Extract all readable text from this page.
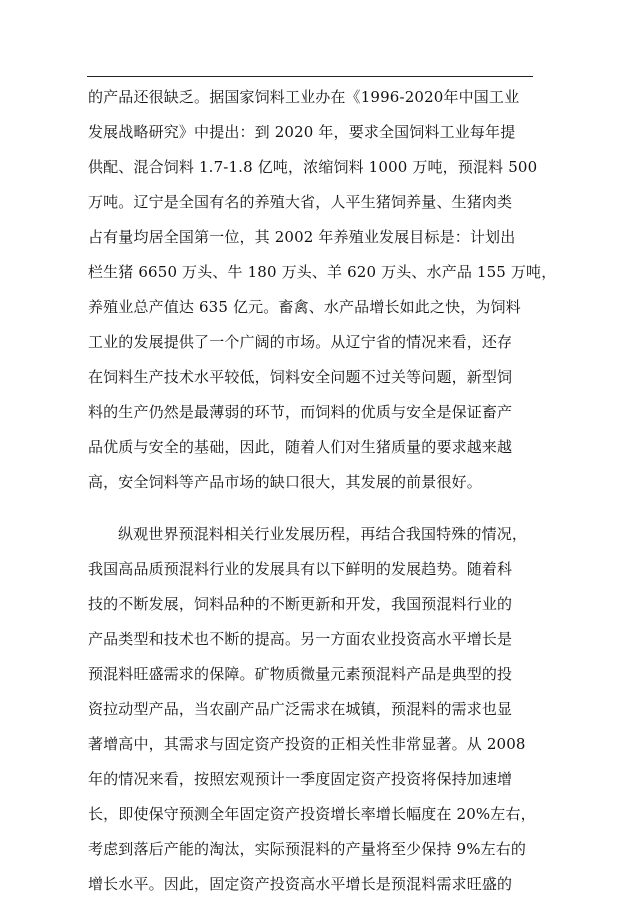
的产品还很缺乏。据国家饲料工业办在《1996-2020年中国工业
发展战略研究》中提出：到 2020 年，要求全国饲料工业每年提
供配、混合饲料 1.7-1.8 亿吨，浓缩饲料 1000 万吨，预混料 500
万吨。辽宁是全国有名的养殖大省，人平生猪饲养量、生猪肉类
占有量均居全国第一位，其 2002 年养殖业发展目标是：计划出
栏生猪 6650 万头、牛 180 万头、羊 620 万头、水产品 155 万吨，
养殖业总产值达 635 亿元。畜禽、水产品增长如此之快，为饲料
工业的发展提供了一个广阔的市场。从辽宁省的情况来看，还存
在饲料生产技术水平较低，饲料安全问题不过关等问题，新型饲
料的生产仍然是最薄弱的环节，而饲料的优质与安全是保证畜产
品优质与安全的基础，因此，随着人们对生猪质量的要求越来越
高，安全饲料等产品市场的缺口很大，其发展的前景很好。
纵观世界预混料相关行业发展历程，再结合我国特殊的情况，
我国高品质预混料行业的发展具有以下鲜明的发展趋势。随着科
技的不断发展，饲料品种的不断更新和开发，我国预混料行业的
产品类型和技术也不断的提高。另一方面农业投资高水平增长是
预混料旺盛需求的保障。矿物质微量元素预混料产品是典型的投
资拉动型产品，当农副产品广泛需求在城镇，预混料的需求也显
著增高中，其需求与固定资产投资的正相关性非常显著。从 2008
年的情况来看，按照宏观预计一季度固定资产投资将保持加速增
长，即使保守预测全年固定资产投资增长率增长幅度在 20%左右，
考虑到落后产能的淘汰，实际预混料的产量将至少保持 9%左右的
增长水平。因此，固定资产投资高水平增长是预混料需求旺盛的
